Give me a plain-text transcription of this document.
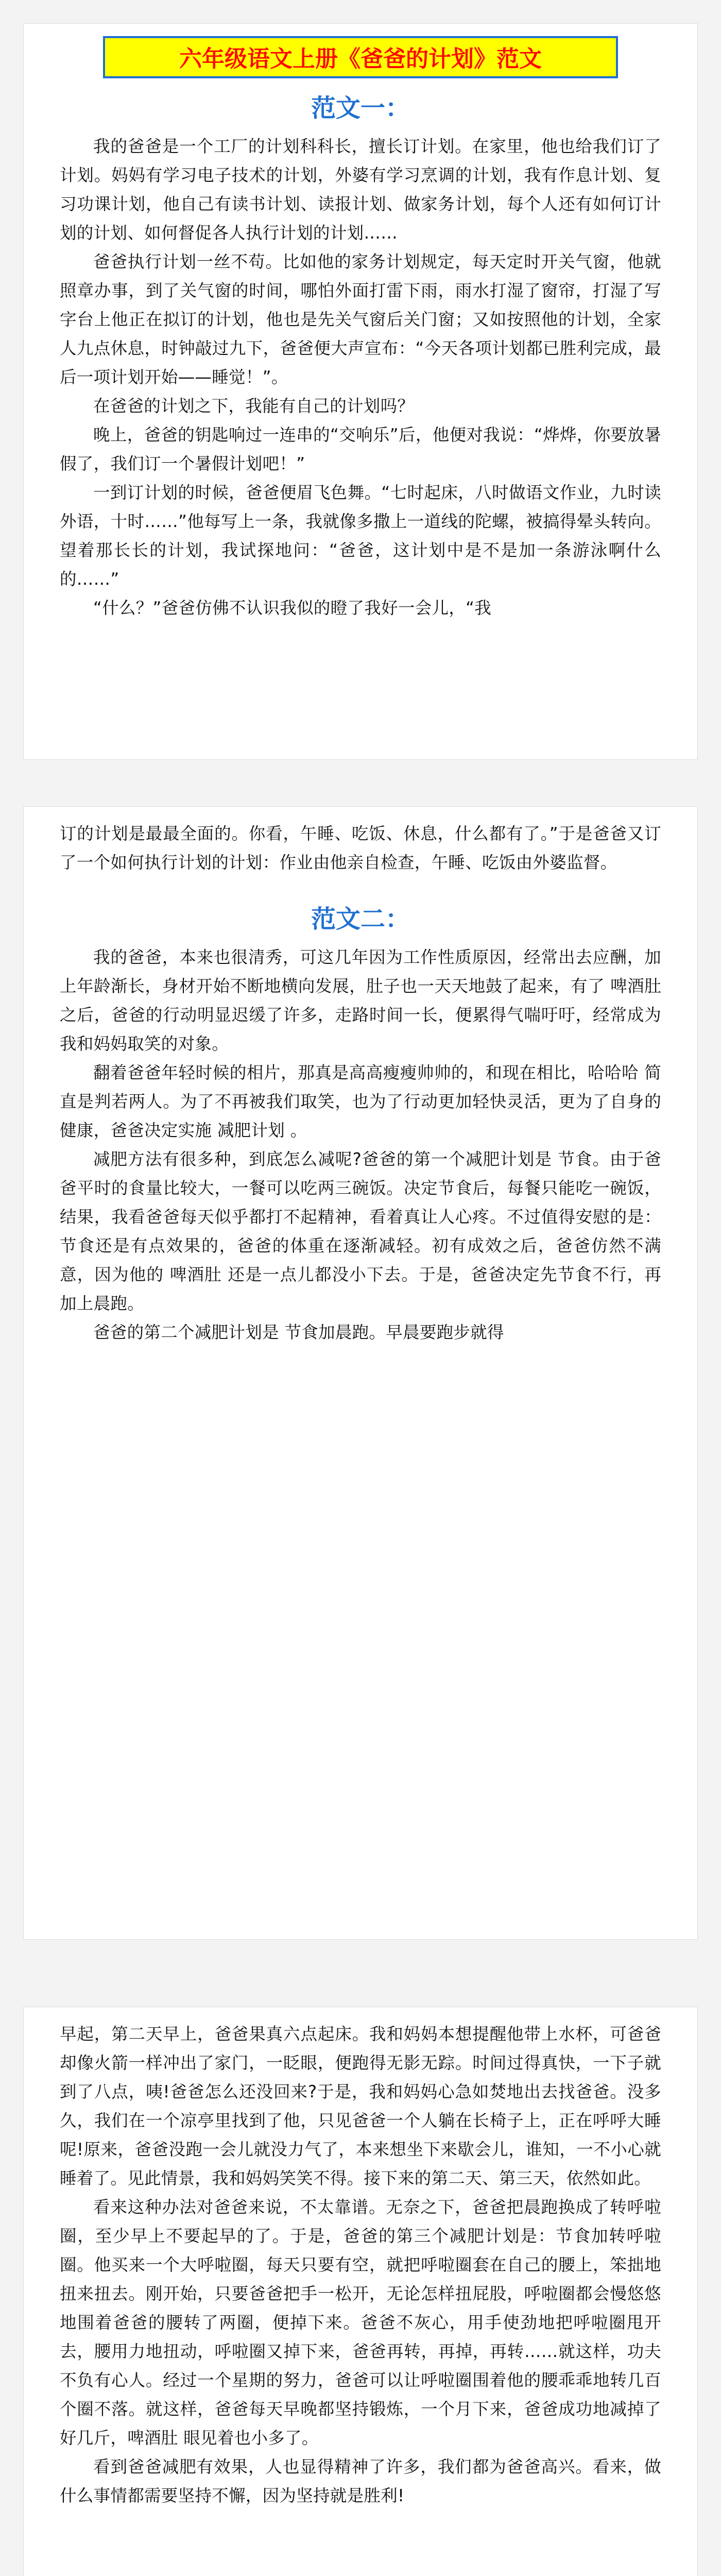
六年级语文上册《爸爸的计划》范文
范文一：

我的爸爸是一个工厂的计划科科长，擅长订计划。在家里，他也给我们订了计划。妈妈有学习电子技术的计划，外婆有学习烹调的计划，我有作息计划、复习功课计划，他自己有读书计划、读报计划、做家务计划，每个人还有如何订计划的计划、如何督促各人执行计划的计划……

爸爸执行计划一丝不苟。比如他的家务计划规定，每天定时开关气窗，他就照章办事，到了关气窗的时间，哪怕外面打雷下雨，雨水打湿了窗帘，打湿了写字台上他正在拟订的计划，他也是先关气窗后关门窗；又如按照他的计划，全家人九点休息，时钟敲过九下，爸爸便大声宣布：“今天各项计划都已胜利完成，最后一项计划开始——睡觉！”。

在爸爸的计划之下，我能有自己的计划吗？

晚上，爸爸的钥匙响过一连串的“交响乐”后，他便对我说：“烨烨，你要放暑假了，我们订一个暑假计划吧！”

一到订计划的时候，爸爸便眉飞色舞。“七时起床，八时做语文作业，九时读外语，十时……”他每写上一条，我就像多撒上一道线的陀螺，被搞得晕头转向。望着那长长的计划，我试探地问：“爸爸，这计划中是不是加一条游泳啊什么的……”

“什么？”爸爸仿佛不认识我似的瞪了我好一会儿，“我

订的计划是最最全面的。你看，午睡、吃饭、休息，什么都有了。”于是爸爸又订了一个如何执行计划的计划：作业由他亲自检查，午睡、吃饭由外婆监督。

范文二：

我的爸爸，本来也很清秀，可这几年因为工作性质原因，经常出去应酬，加上年龄渐长，身材开始不断地横向发展，肚子也一天天地鼓了起来，有了 啤酒肚 之后，爸爸的行动明显迟缓了许多，走路时间一长，便累得气喘吁吁，经常成为我和妈妈取笑的对象。

翻着爸爸年轻时候的相片，那真是高高瘦瘦帅帅的，和现在相比，哈哈哈 简直是判若两人。为了不再被我们取笑，也为了行动更加轻快灵活，更为了自身的健康，爸爸决定实施 减肥计划 。

减肥方法有很多种，到底怎么减呢?爸爸的第一个减肥计划是 节食。由于爸爸平时的食量比较大，一餐可以吃两三碗饭。决定节食后，每餐只能吃一碗饭，结果，我看爸爸每天似乎都打不起精神，看着真让人心疼。不过值得安慰的是：节食还是有点效果的，爸爸的体重在逐渐减轻。初有成效之后，爸爸仿然不满意，因为他的 啤酒肚 还是一点儿都没小下去。于是，爸爸决定先节食不行，再加上晨跑。

爸爸的第二个减肥计划是 节食加晨跑。早晨要跑步就得

早起，第二天早上，爸爸果真六点起床。我和妈妈本想提醒他带上水杯，可爸爸却像火箭一样冲出了家门，一眨眼，便跑得无影无踪。时间过得真快，一下子就到了八点，咦!爸爸怎么还没回来?于是，我和妈妈心急如焚地出去找爸爸。没多久，我们在一个凉亭里找到了他，只见爸爸一个人躺在长椅子上，正在呼呼大睡呢!原来，爸爸没跑一会儿就没力气了，本来想坐下来歇会儿，谁知，一不小心就睡着了。见此情景，我和妈妈笑笑不得。接下来的第二天、第三天，依然如此。

看来这种办法对爸爸来说，不太靠谱。无奈之下，爸爸把晨跑换成了转呼啦圈，至少早上不要起早的了。于是，爸爸的第三个减肥计划是：节食加转呼啦圈。他买来一个大呼啦圈，每天只要有空，就把呼啦圈套在自己的腰上，笨拙地扭来扭去。刚开始，只要爸爸把手一松开，无论怎样扭屁股，呼啦圈都会慢悠悠地围着爸爸的腰转了两圈，便掉下来。爸爸不灰心，用手使劲地把呼啦圈甩开去，腰用力地扭动，呼啦圈又掉下来，爸爸再转，再掉，再转……就这样，功夫不负有心人。经过一个星期的努力，爸爸可以让呼啦圈围着他的腰乖乖地转几百个圈不落。就这样，爸爸每天早晚都坚持锻炼，一个月下来，爸爸成功地减掉了好几斤，啤酒肚 眼见着也小多了。

看到爸爸减肥有效果，人也显得精神了许多，我们都为爸爸高兴。看来，做什么事情都需要坚持不懈，因为坚持就是胜利!
